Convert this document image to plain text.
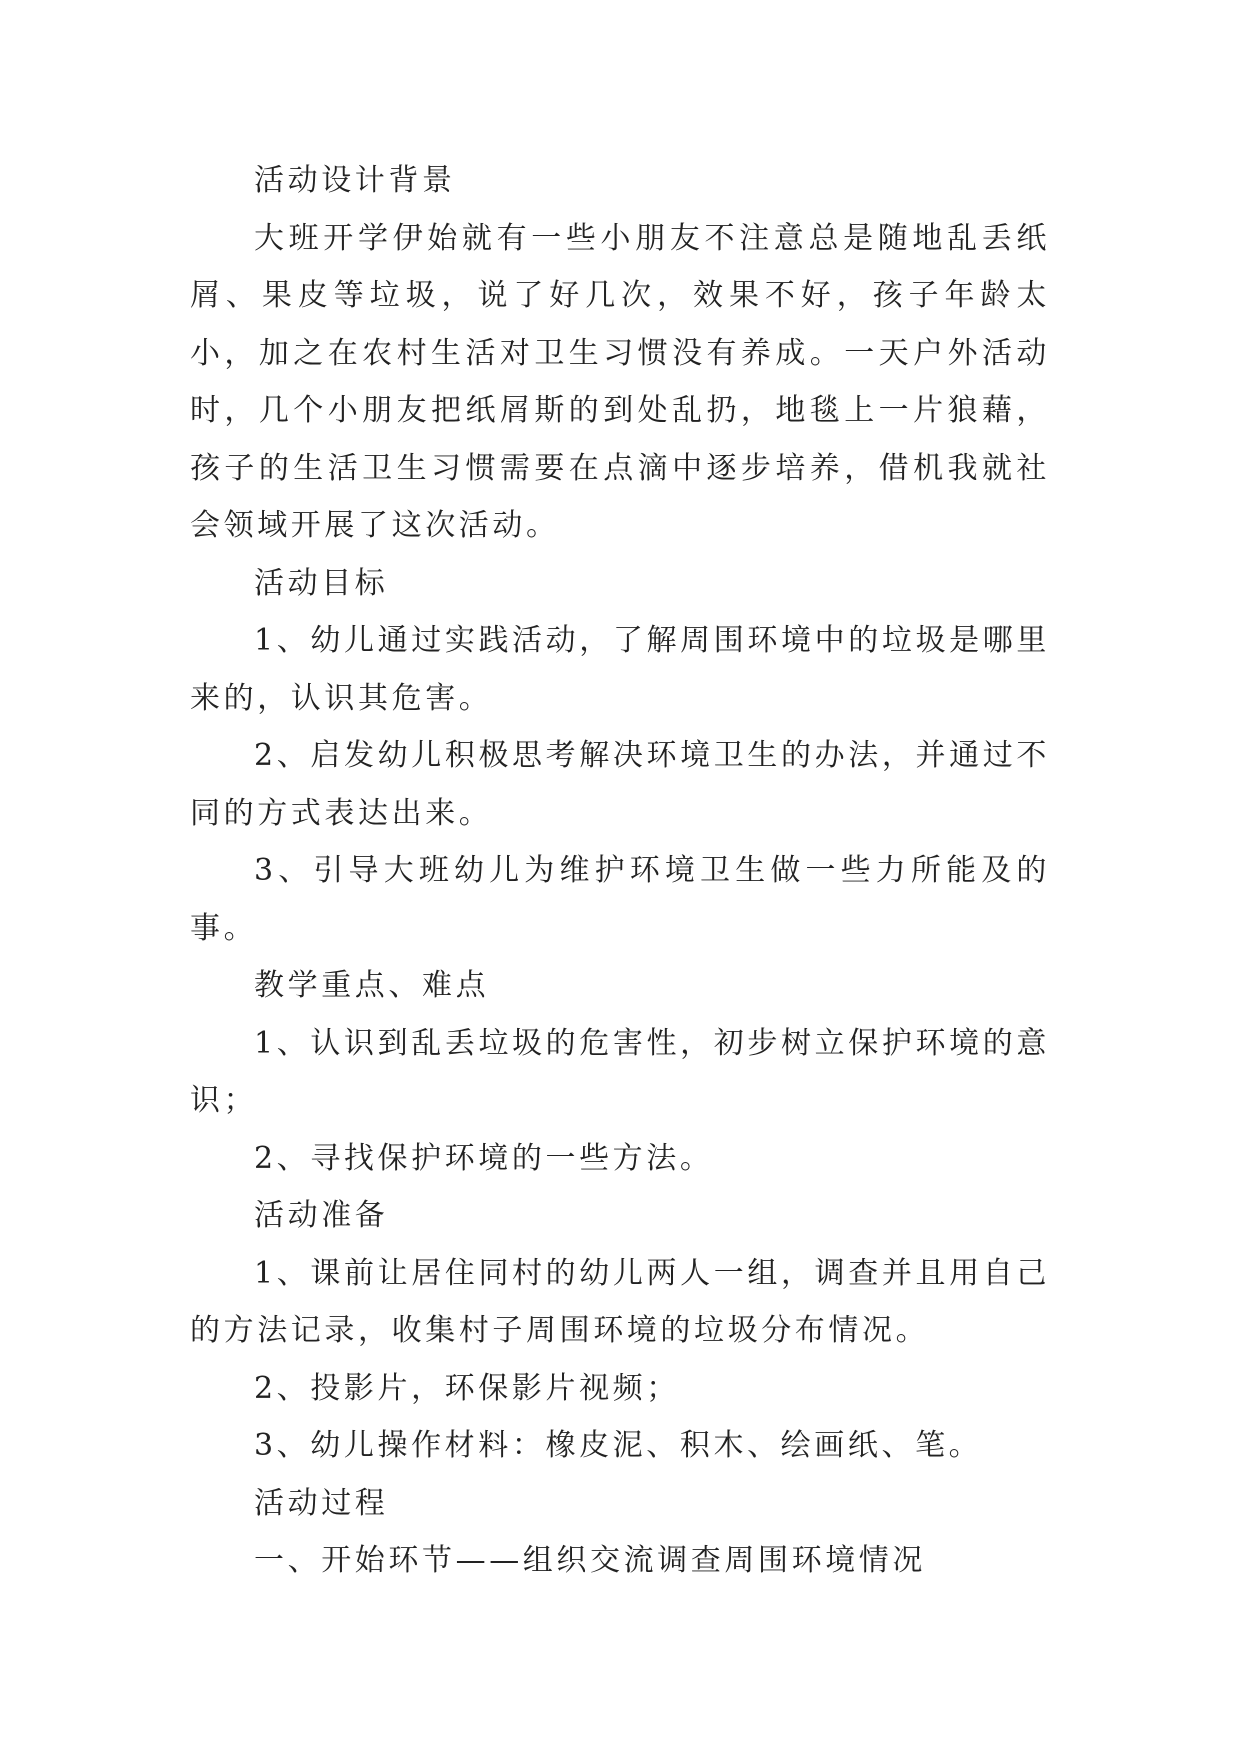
活动设计背景

大班开学伊始就有一些小朋友不注意总是随地乱丢纸屑、果皮等垃圾，说了好几次，效果不好，孩子年龄太小，加之在农村生活对卫生习惯没有养成。一天户外活动时，几个小朋友把纸屑斯的到处乱扔，地毯上一片狼藉，孩子的生活卫生习惯需要在点滴中逐步培养，借机我就社会领域开展了这次活动。

活动目标

1、幼儿通过实践活动，了解周围环境中的垃圾是哪里来的，认识其危害。

2、启发幼儿积极思考解决环境卫生的办法，并通过不同的方式表达出来。

3、引导大班幼儿为维护环境卫生做一些力所能及的事。

教学重点、难点

1、认识到乱丢垃圾的危害性，初步树立保护环境的意识；

2、寻找保护环境的一些方法。

活动准备

1、课前让居住同村的幼儿两人一组，调查并且用自己的方法记录，收集村子周围环境的垃圾分布情况。

2、投影片，环保影片视频；

3、幼儿操作材料：橡皮泥、积木、绘画纸、笔。

活动过程

一、开始环节——组织交流调查周围环境情况
